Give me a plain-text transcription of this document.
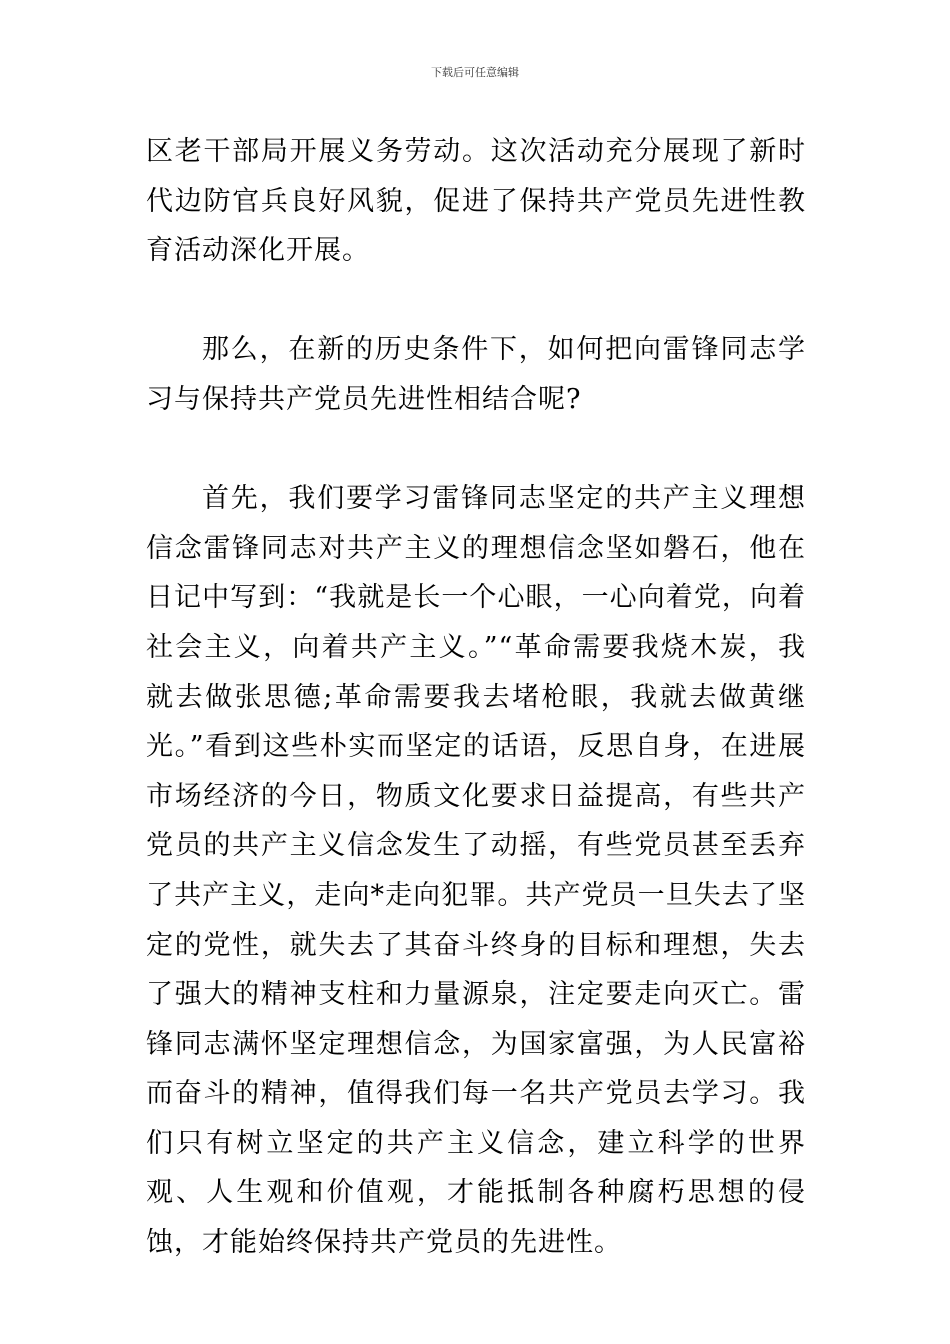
下载后可任意编辑

区老干部局开展义务劳动。这次活动充分展现了新时代边防官兵良好风貌，促进了保持共产党员先进性教育活动深化开展。

那么，在新的历史条件下，如何把向雷锋同志学习与保持共产党员先进性相结合呢?

首先，我们要学习雷锋同志坚定的共产主义理想信念雷锋同志对共产主义的理想信念坚如磐石，他在日记中写到：“我就是长一个心眼，一心向着党，向着社会主义，向着共产主义。”“革命需要我烧木炭，我就去做张思德;革命需要我去堵枪眼，我就去做黄继光。”看到这些朴实而坚定的话语，反思自身，在进展市场经济的今日，物质文化要求日益提高，有些共产党员的共产主义信念发生了动摇，有些党员甚至丢弃了共产主义，走向*走向犯罪。共产党员一旦失去了坚定的党性，就失去了其奋斗终身的目标和理想，失去了强大的精神支柱和力量源泉，注定要走向灭亡。雷锋同志满怀坚定理想信念，为国家富强，为人民富裕而奋斗的精神，值得我们每一名共产党员去学习。我们只有树立坚定的共产主义信念，建立科学的世界观、人生观和价值观，才能抵制各种腐朽思想的侵蚀，才能始终保持共产党员的先进性。
